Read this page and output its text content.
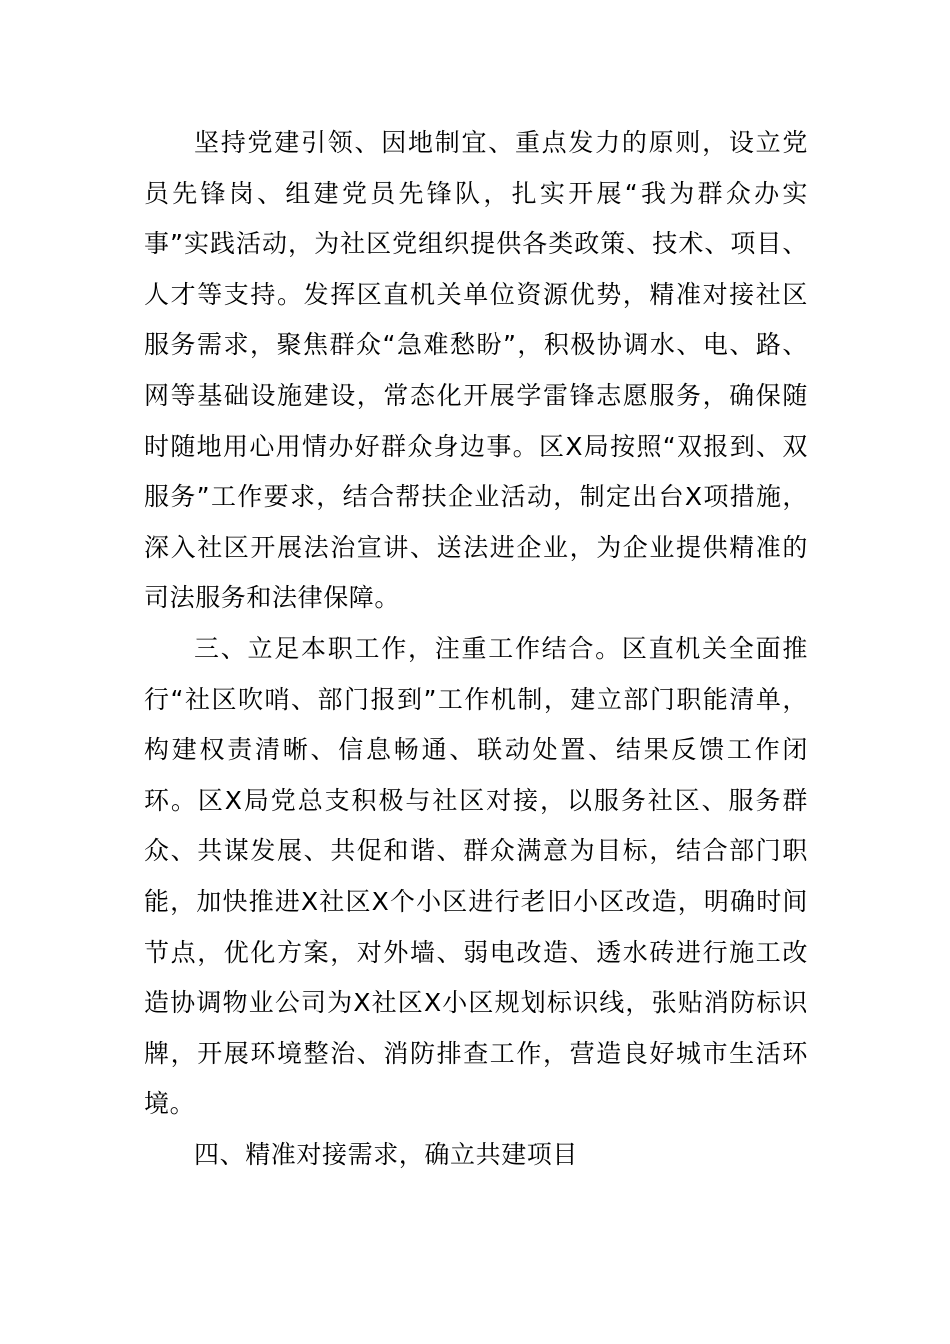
坚持党建引领、因地制宜、重点发力的原则，设立党员先锋岗、组建党员先锋队，扎实开展“我为群众办实事”实践活动，为社区党组织提供各类政策、技术、项目、人才等支持。发挥区直机关单位资源优势，精准对接社区服务需求，聚焦群众“急难愁盼”，积极协调水、电、路、网等基础设施建设，常态化开展学雷锋志愿服务，确保随时随地用心用情办好群众身边事。区X局按照“双报到、双服务”工作要求，结合帮扶企业活动，制定出台X项措施，深入社区开展法治宣讲、送法进企业，为企业提供精准的司法服务和法律保障。

三、立足本职工作，注重工作结合。区直机关全面推行“社区吹哨、部门报到”工作机制，建立部门职能清单，构建权责清晰、信息畅通、联动处置、结果反馈工作闭环。区X局党总支积极与社区对接，以服务社区、服务群众、共谋发展、共促和谐、群众满意为目标，结合部门职能，加快推进X社区X个小区进行老旧小区改造，明确时间节点，优化方案，对外墙、弱电改造、透水砖进行施工改造协调物业公司为X社区X小区规划标识线，张贴消防标识牌，开展环境整治、消防排查工作，营造良好城市生活环境。

四、精准对接需求，确立共建项目
